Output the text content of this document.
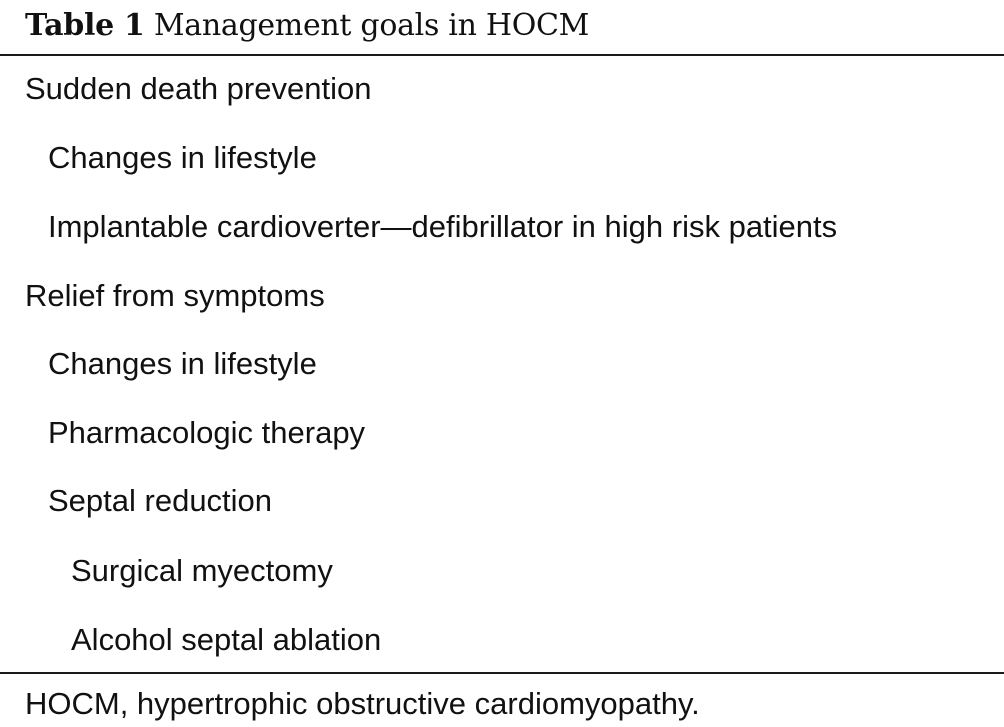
Table 1 Management goals in HOCM
Sudden death prevention
Changes in lifestyle
Implantable cardioverter—defibrillator in high risk patients
Relief from symptoms
Changes in lifestyle
Pharmacologic therapy
Septal reduction
Surgical myectomy
Alcohol septal ablation
HOCM, hypertrophic obstructive cardiomyopathy.
